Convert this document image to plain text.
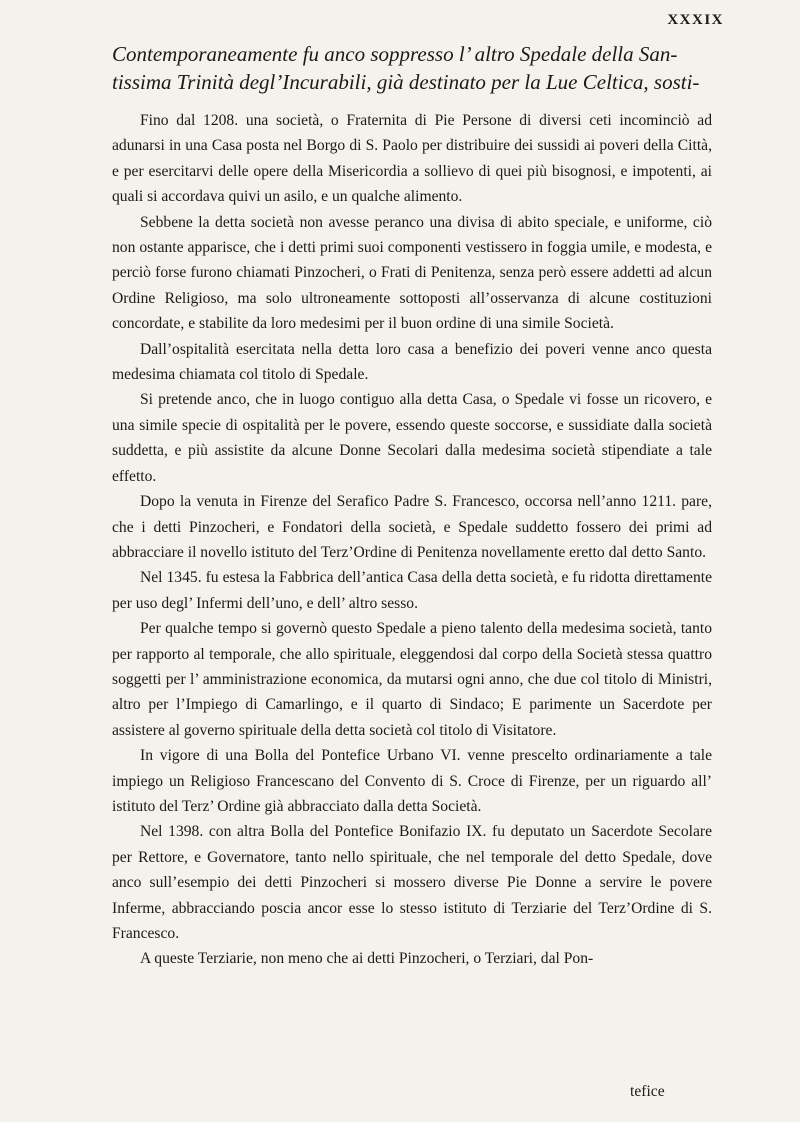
XXXIX

Contemporaneamente fu anco soppresso l’ altro Spedale della San-

tissima Trinità degl’Incurabili, già destinato per la Lue Celtica, sosti-

Fino dal 1208. una società, o Fraternita di Pie Persone di diversi ceti incominciò ad adunarsi in una Casa posta nel Borgo di S. Paolo per distribuire dei sussidi ai poveri della Città, e per esercitarvi delle opere della Misericordia a sollievo di quei più bisognosi, e impotenti, ai quali si accordava quivi un asilo, e un qualche alimento.

Sebbene la detta società non avesse peranco una divisa di abito speciale, e uniforme, ciò non ostante apparisce, che i detti primi suoi componenti vestissero in foggia umile, e modesta, e perciò forse furono chiamati Pinzocheri, o Frati di Penitenza, senza però essere addetti ad alcun Ordine Religioso, ma solo ultroneamente sottoposti all’osservanza di alcune costituzioni concordate, e stabilite da loro medesimi per il buon ordine di una simile Società.

Dall’ospitalità esercitata nella detta loro casa a benefizio dei poveri venne anco questa medesima chiamata col titolo di Spedale.

Si pretende anco, che in luogo contiguo alla detta Casa, o Spedale vi fosse un ricovero, e una simile specie di ospitalità per le povere, essendo queste soccorse, e sussidiate dalla società suddetta, e più assistite da alcune Donne Secolari dalla medesima società stipendiate a tale effetto.

Dopo la venuta in Firenze del Serafico Padre S. Francesco, occorsa nell’anno 1211. pare, che i detti Pinzocheri, e Fondatori della società, e Spedale suddetto fossero dei primi ad abbracciare il novello istituto del Terz’Ordine di Penitenza novellamente eretto dal detto Santo.

Nel 1345. fu estesa la Fabbrica dell’antica Casa della detta società, e fu ridotta direttamente per uso degl’ Infermi dell’uno, e dell’ altro sesso.

Per qualche tempo si governò questo Spedale a pieno talento della medesima società, tanto per rapporto al temporale, che allo spirituale, eleggendosi dal corpo della Società stessa quattro soggetti per l’ amministrazione economica, da mutarsi ogni anno, che due col titolo di Ministri, altro per l’Impiego di Camarlingo, e il quarto di Sindaco; E parimente un Sacerdote per assistere al governo spirituale della detta società col titolo di Visitatore.

In vigore di una Bolla del Pontefice Urbano VI. venne prescelto ordinariamente a tale impiego un Religioso Francescano del Convento di S. Croce di Firenze, per un riguardo all’ istituto del Terz’ Ordine già abbracciato dalla detta Società.

Nel 1398. con altra Bolla del Pontefice Bonifazio IX. fu deputato un Sacerdote Secolare per Rettore, e Governatore, tanto nello spirituale, che nel temporale del detto Spedale, dove anco sull’esempio dei detti Pinzocheri si mossero diverse Pie Donne a servire le povere Inferme, abbracciando poscia ancor esse lo stesso istituto di Terziarie del Terz’Ordine di S. Francesco.

A queste Terziarie, non meno che ai detti Pinzocheri, o Terziari, dal Pon-

tefice
